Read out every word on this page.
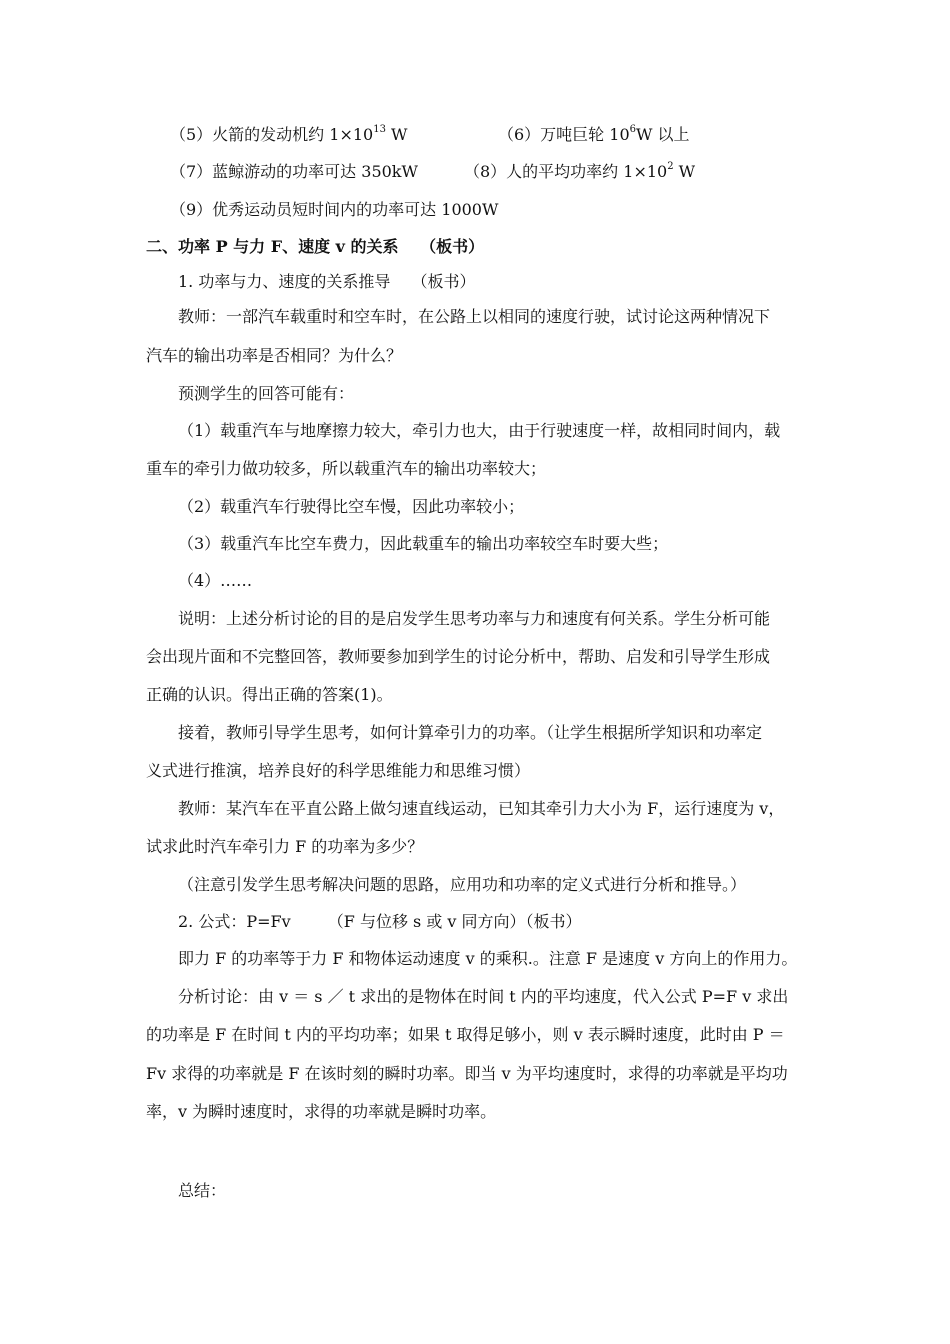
（5）火箭的发动机约 $1\times 10^{13}$ W	（6）万吨巨轮 $10^6W$ 以上
（7）蓝鲸游动的功率可达 350kW	（8）人的平均功率约 $1\times 10^2$ W
（9）优秀运动员短时间内的功率可达 1000W
二、功率 P 与力 F、速度 v 的关系　 （板书）
1. 功率与力、速度的关系推导　 （板书）
教师：一部汽车载重时和空车时，在公路上以相同的速度行驶，试讨论这两种情况下
汽车的输出功率是否相同？为什么？
预测学生的回答可能有：
（1）载重汽车与地摩擦力较大，牵引力也大，由于行驶速度一样，故相同时间内，载
重车的牵引力做功较多，所以载重汽车的输出功率较大；
（2）载重汽车行驶得比空车慢，因此功率较小；
（3）载重汽车比空车费力，因此载重车的输出功率较空车时要大些；
（4）……
说明：上述分析讨论的目的是启发学生思考功率与力和速度有何关系。学生分析可能
会出现片面和不完整回答，教师要参加到学生的讨论分析中，帮助、启发和引导学生形成
正确的认识。得出正确的答案(1)。
接着，教师引导学生思考，如何计算牵引力的功率。（让学生根据所学知识和功率定
义式进行推演，培养良好的科学思维能力和思维习惯）
教师：某汽车在平直公路上做匀速直线运动，已知其牵引力大小为 F，运行速度为 v，
试求此时汽车牵引力 F 的功率为多少？
（注意引发学生思考解决问题的思路，应用功和功率的定义式进行分析和推导。）
2. 公式：P=Fv　　 （F 与位移 s 或 v 同方向）（板书）
即力 F 的功率等于力 F 和物体运动速度 v 的乘积.。注意 F 是速度 v 方向上的作用力。
分析讨论：由 v ＝ s ／ t 求出的是物体在时间 t 内的平均速度，代入公式 P=F v 求出
的功率是 F 在时间 t 内的平均功率；如果 t 取得足够小，则 v 表示瞬时速度，此时由 P ＝
Fv 求得的功率就是 F 在该时刻的瞬时功率。即当 v 为平均速度时，求得的功率就是平均功
率，v 为瞬时速度时，求得的功率就是瞬时功率。
总结：
